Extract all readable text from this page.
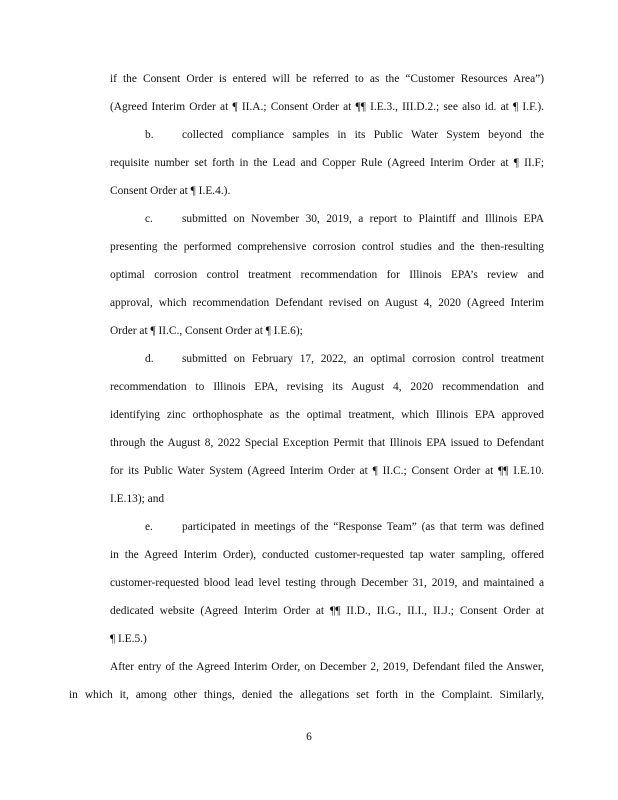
if the Consent Order is entered will be referred to as the “Customer Resources Area”)
(Agreed Interim Order at ¶ II.A.; Consent Order at ¶¶ I.E.3., III.D.2.; see also id. at ¶ I.F.).
b. collected compliance samples in its Public Water System beyond the
requisite number set forth in the Lead and Copper Rule (Agreed Interim Order at ¶ II.F;
Consent Order at ¶ I.E.4.).
c.	submitted on November 30, 2019, a report to Plaintiff and Illinois EPA
presenting the performed comprehensive corrosion control studies and the then-resulting
optimal corrosion control treatment recommendation for Illinois EPA’s review and
approval, which recommendation Defendant revised on August 4, 2020 (Agreed Interim
Order at ¶ II.C., Consent Order at ¶ I.E.6);
d. submitted on February 17, 2022, an optimal corrosion control treatment
recommendation to Illinois EPA, revising its August 4, 2020 recommendation and
identifying zinc orthophosphate as the optimal treatment, which Illinois EPA approved
through the August 8, 2022 Special Exception Permit that Illinois EPA issued to Defendant
for its Public Water System (Agreed Interim Order at ¶ II.C.; Consent Order at ¶¶ I.E.10.
I.E.13); and
e.	participated in meetings of the “Response Team” (as that term was defined
in the Agreed Interim Order), conducted customer-requested tap water sampling, offered
customer-requested blood lead level testing through December 31, 2019, and maintained a
dedicated website (Agreed Interim Order at ¶¶ II.D., II.G., II.I., II.J.; Consent Order at
¶ I.E.5.)
After entry of the Agreed Interim Order, on December 2, 2019, Defendant filed the Answer,
in which it, among other things, denied the allegations set forth in the Complaint. Similarly,
6
